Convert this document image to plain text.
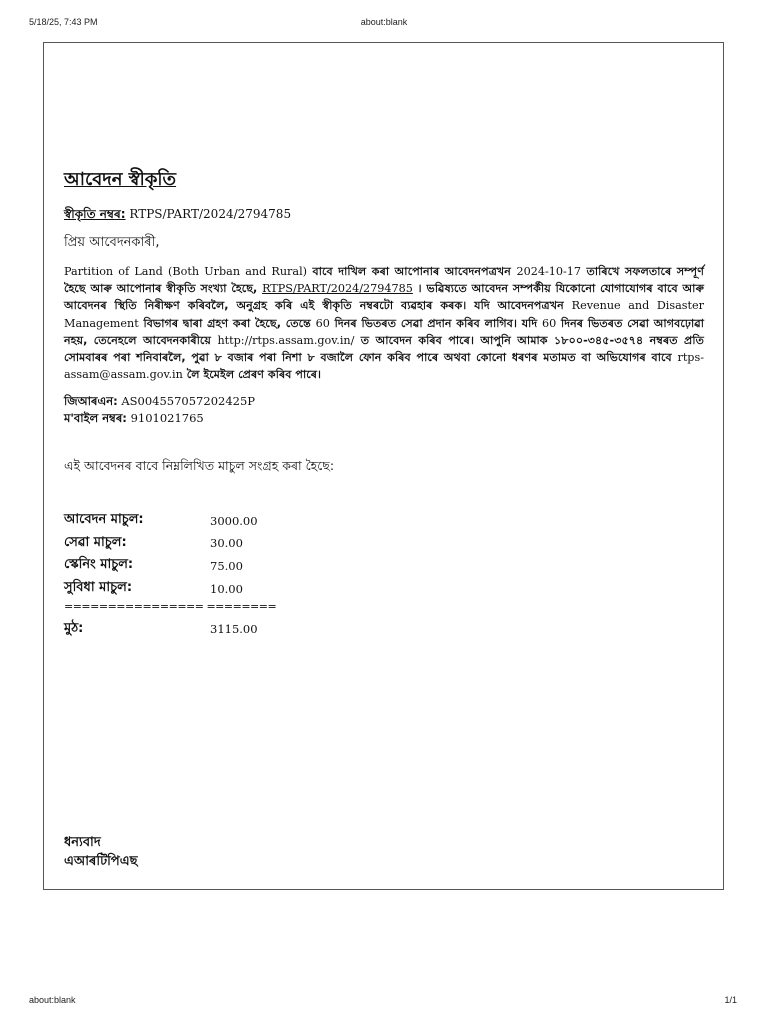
5/18/25, 7:43 PM	about:blank
আবেদন স্বীকৃতি
স্বীকৃতি নম্বৰ: RTPS/PART/2024/2794785
প্ৰিয় আবেদনকাৰী,

Partition of Land (Both Urban and Rural) বাবে দাখিল কৰা আপোনাৰ আবেদনপত্ৰখন 2024-10-17 তাৰিখে সফলতাৰে সম্পূৰ্ণ হৈছে আৰু আপোনাৰ স্বীকৃতি সংখ্যা হৈছে, RTPS/PART/2024/2794785 । ভৱিষ্যতে আবেদন সম্পৰ্কীয় যিকোনো যোগাযোগৰ বাবে আৰু আবেদনৰ স্থিতি নিৰীক্ষণ কৰিবলৈ, অনুগ্ৰহ কৰি এই স্বীকৃতি নম্বৰটো ব্যৱহাৰ কৰক। যদি আবেদনপত্ৰখন Revenue and Disaster Management বিভাগৰ দ্বাৰা গ্ৰহণ কৰা হৈছে, তেন্তে 60 দিনৰ ভিতৰত সেৱা প্ৰদান কৰিব লাগিব। যদি 60 দিনৰ ভিতৰত সেৱা আগবঢ়োৱা নহয়, তেনেহলে আবেদনকাৰীয়ে http://rtps.assam.gov.in/ ত আবেদন কৰিব পাৰে। আপুনি আমাক ১৮০০-৩৪৫-৩৫৭৪ নম্বৰত প্ৰতি সোমবাৰৰ পৰা শনিবাৰলৈ, পুৱা ৮ বজাৰ পৰা নিশা ৮ বজালৈ ফোন কৰিব পাৰে অথবা কোনো ধৰণৰ মতামত বা অভিযোগৰ বাবে rtps-assam@assam.gov.in লৈ ইমেইল প্ৰেৰণ কৰিব পাৰে।

জিআৰএন: AS004557057202425P
ম'বাইল নম্বৰ: 9101021765
এই আবেদনৰ বাবে নিম্নলিখিত মাচুল সংগ্ৰহ কৰা হৈছে:
আবেদন মাচুল:	3000.00
সেৱা মাচুল:	30.00
স্কেনিং মাচুল:	75.00
সুবিধা মাচুল:	10.00
================ ========
মুঠ:	3115.00
ধন্যবাদ
এআৰটিপিএছ
about:blank	1/1
